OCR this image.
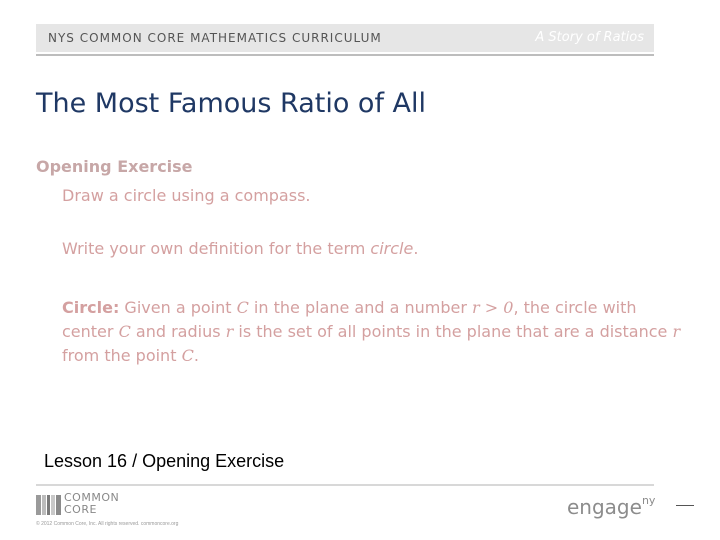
NYS COMMON CORE MATHEMATICS CURRICULUM	A Story of Ratios
The Most Famous Ratio of All
Opening Exercise
Draw a circle using a compass.
Write your own definition for the term circle.
Circle: Given a point C in the plane and a number r > 0, the circle with center C and radius r is the set of all points in the plane that are a distance r from the point C.
Lesson 16 / Opening Exercise
COMMON
CORE
© 2012 Common Core, Inc. All rights reserved. commoncore.org
engage$^{ny}$
